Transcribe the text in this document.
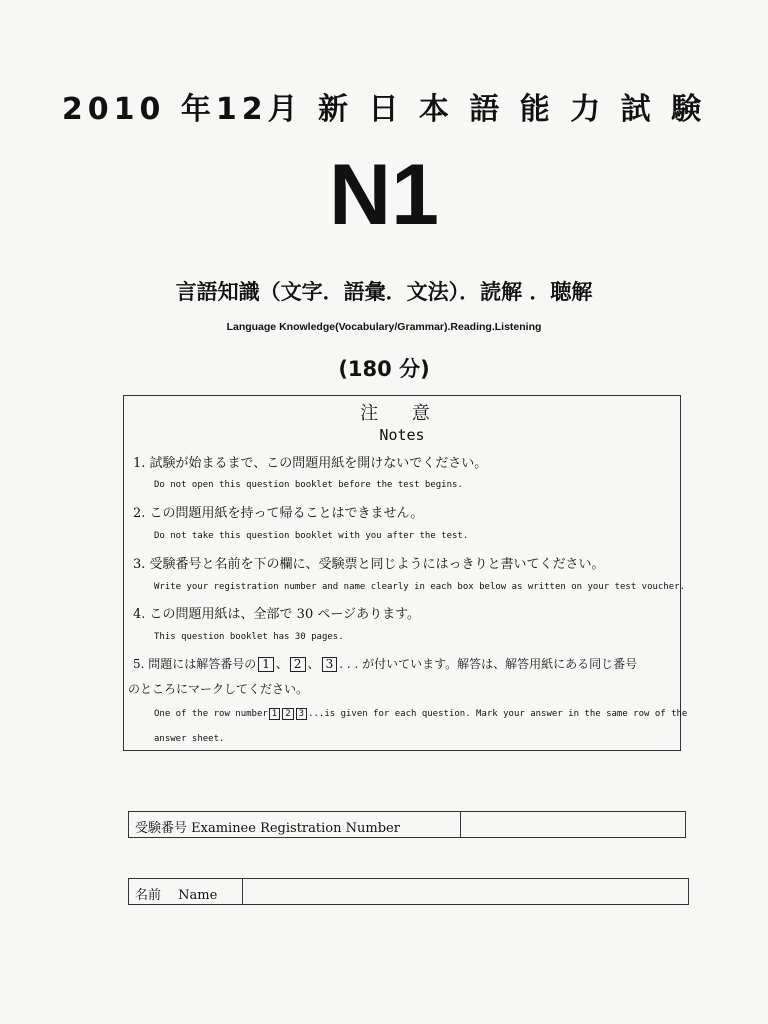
2010 年12月 新 日 本 語 能 力 試 験
N1
言語知識（文字．語彙．文法）．読解 ．聴解
Language Knowledge(Vocabulary/Grammar).Reading.Listening
(180 分)
注 意
Notes
1. 試験が始まるまで、この問題用紙を開けないでください。
Do not open this question booklet before the test begins.
2. この問題用紙を持って帰ることはできません。
Do not take this question booklet with you after the test.
3. 受験番号と名前を下の欄に、受験票と同じようにはっきりと書いてください。
Write your registration number and name clearly in each box below as written on your test voucher.
4. この問題用紙は、全部で 30 ページあります。
This question booklet has 30 pages.
5. 問題には解答番号の 1 、 2 、 3 . . . が付いています。解答は、解答用紙にある同じ番号
のところにマークしてください。
One of the row number 1 2 3 ...is given for each question. Mark your answer in the same row of the
answer sheet.
受験番号 Examinee Registration Number
名前　 Name
